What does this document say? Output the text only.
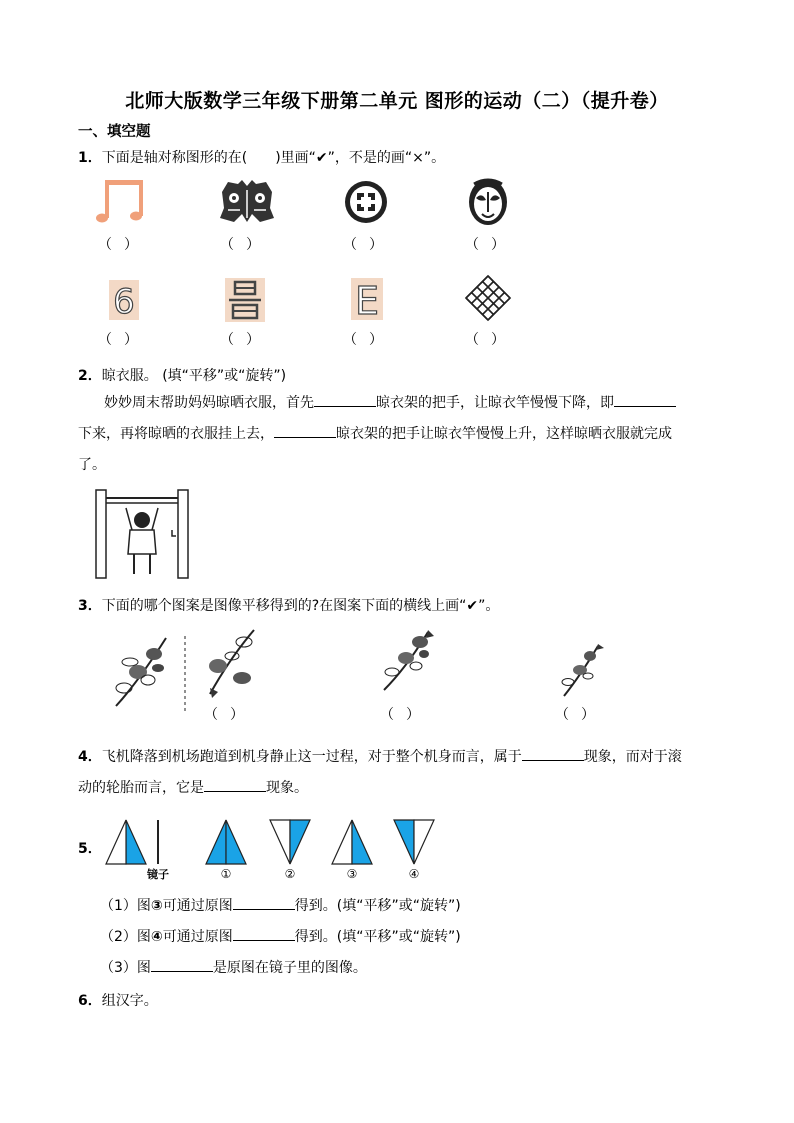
北师大版数学三年级下册第二单元 图形的运动（二）（提升卷）
一、填空题
1．下面是轴对称图形的在(　　)里画“✔”，不是的画“×”。
（ ）	（ ）	（ ）	（ ）
6	E
（ ）	（ ）	（ ）	（ ）
2．晾衣服。 (填“平移”或“旋转”)
妙妙周末帮助妈妈晾晒衣服，首先	晾衣架的把手，让晾衣竿慢慢下降，即
下来，再将晾晒的衣服挂上去，	晾衣架的把手让晾衣竿慢慢上升，这样晾晒衣服就完成
了。
3．下面的哪个图案是图像平移得到的?在图案下面的横线上画“✔”。
（ ）	（ ）	（ ）
4．飞机降落到机场跑道到机身静止这一过程，对于整个机身而言，属于	现象，而对于滚
动的轮胎而言，它是	现象。
5．
镜子	①	②	③	④
（1）图③可通过原图	得到。(填“平移”或“旋转”)
（2）图④可通过原图	得到。(填“平移”或“旋转”)
（3）图	是原图在镜子里的图像。
6．组汉字。
